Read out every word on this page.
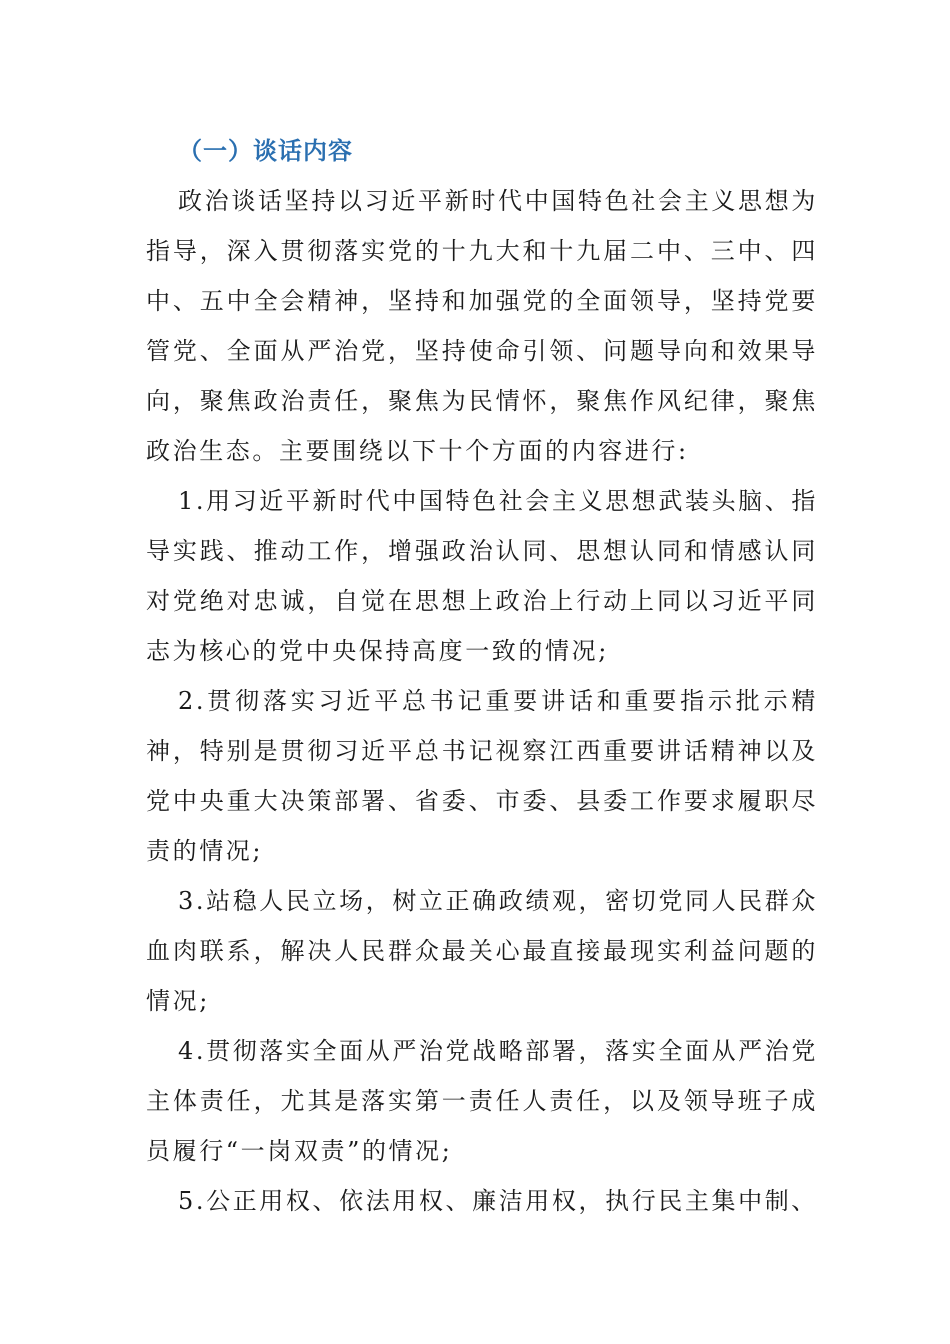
（一）谈话内容

政治谈话坚持以习近平新时代中国特色社会主义思想为指导，深入贯彻落实党的十九大和十九届二中、三中、四中、五中全会精神，坚持和加强党的全面领导，坚持党要管党、全面从严治党，坚持使命引领、问题导向和效果导向，聚焦政治责任，聚焦为民情怀，聚焦作风纪律，聚焦政治生态。主要围绕以下十个方面的内容进行:

1.用习近平新时代中国特色社会主义思想武装头脑、指导实践、推动工作，增强政治认同、思想认同和情感认同对党绝对忠诚，自觉在思想上政治上行动上同以习近平同志为核心的党中央保持高度一致的情况;

2.贯彻落实习近平总书记重要讲话和重要指示批示精神，特别是贯彻习近平总书记视察江西重要讲话精神以及党中央重大决策部署、省委、市委、县委工作要求履职尽责的情况;

3.站稳人民立场，树立正确政绩观，密切党同人民群众血肉联系，解决人民群众最关心最直接最现实利益问题的情况;

4.贯彻落实全面从严治党战略部署，落实全面从严治党主体责任，尤其是落实第一责任人责任，以及领导班子成员履行“一岗双责”的情况;

5.公正用权、依法用权、廉洁用权，执行民主集中制、
